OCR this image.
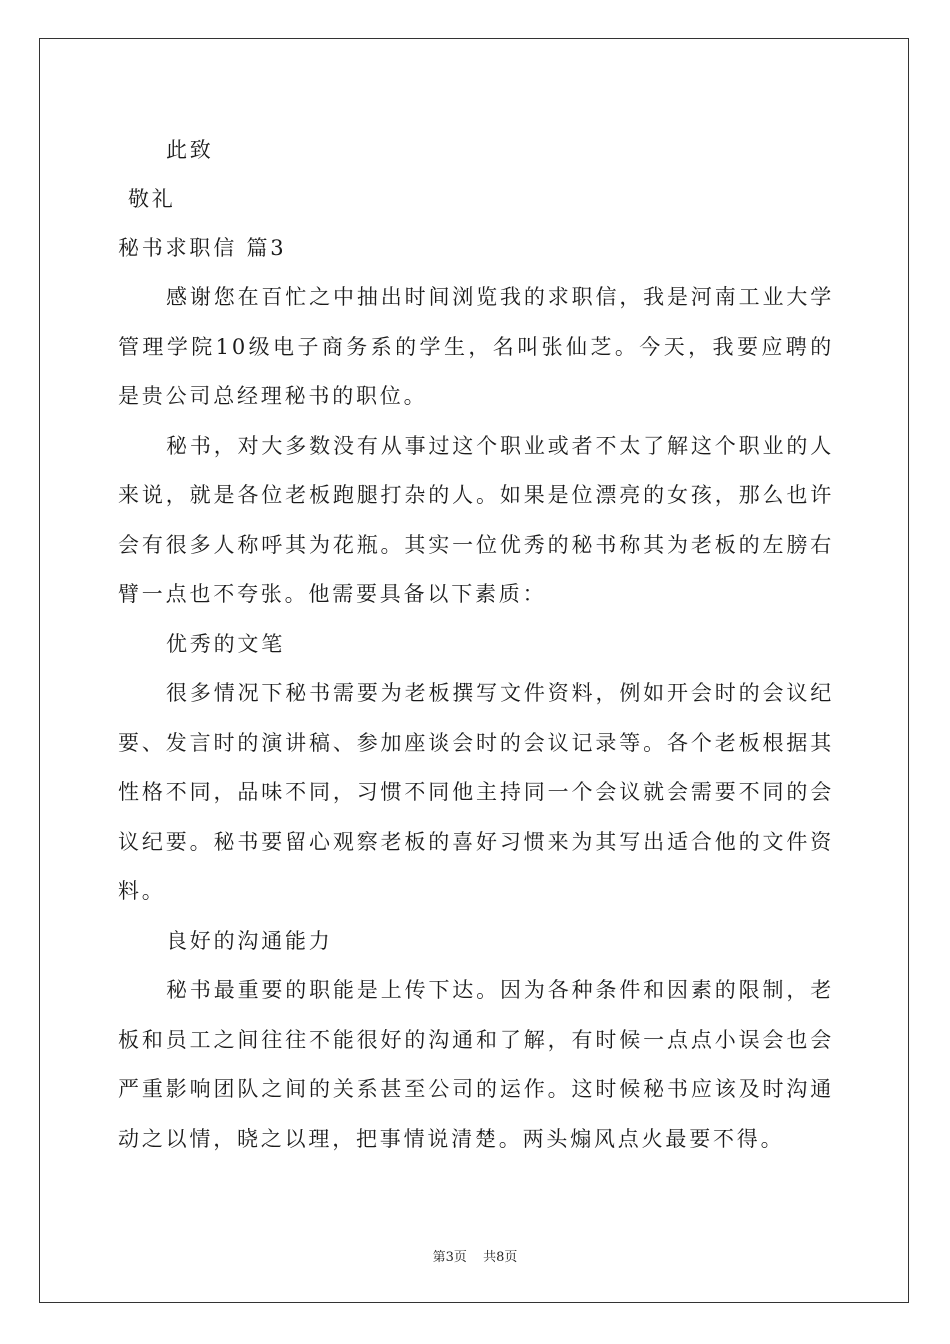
此致
敬礼
秘书求职信 篇3

感谢您在百忙之中抽出时间浏览我的求职信，我是河南工业大学管理学院10级电子商务系的学生，名叫张仙芝。今天，我要应聘的是贵公司总经理秘书的职位。

秘书，对大多数没有从事过这个职业或者不太了解这个职业的人来说，就是各位老板跑腿打杂的人。如果是位漂亮的女孩，那么也许会有很多人称呼其为花瓶。其实一位优秀的秘书称其为老板的左膀右臂一点也不夸张。他需要具备以下素质：

优秀的文笔

很多情况下秘书需要为老板撰写文件资料，例如开会时的会议纪要、发言时的演讲稿、参加座谈会时的会议记录等。各个老板根据其性格不同，品味不同，习惯不同他主持同一个会议就会需要不同的会议纪要。秘书要留心观察老板的喜好习惯来为其写出适合他的文件资料。

良好的沟通能力

秘书最重要的职能是上传下达。因为各种条件和因素的限制，老板和员工之间往往不能很好的沟通和了解，有时候一点点小误会也会严重影响团队之间的关系甚至公司的运作。这时候秘书应该及时沟通动之以情，晓之以理，把事情说清楚。两头煽风点火最要不得。

第3页 共8页
